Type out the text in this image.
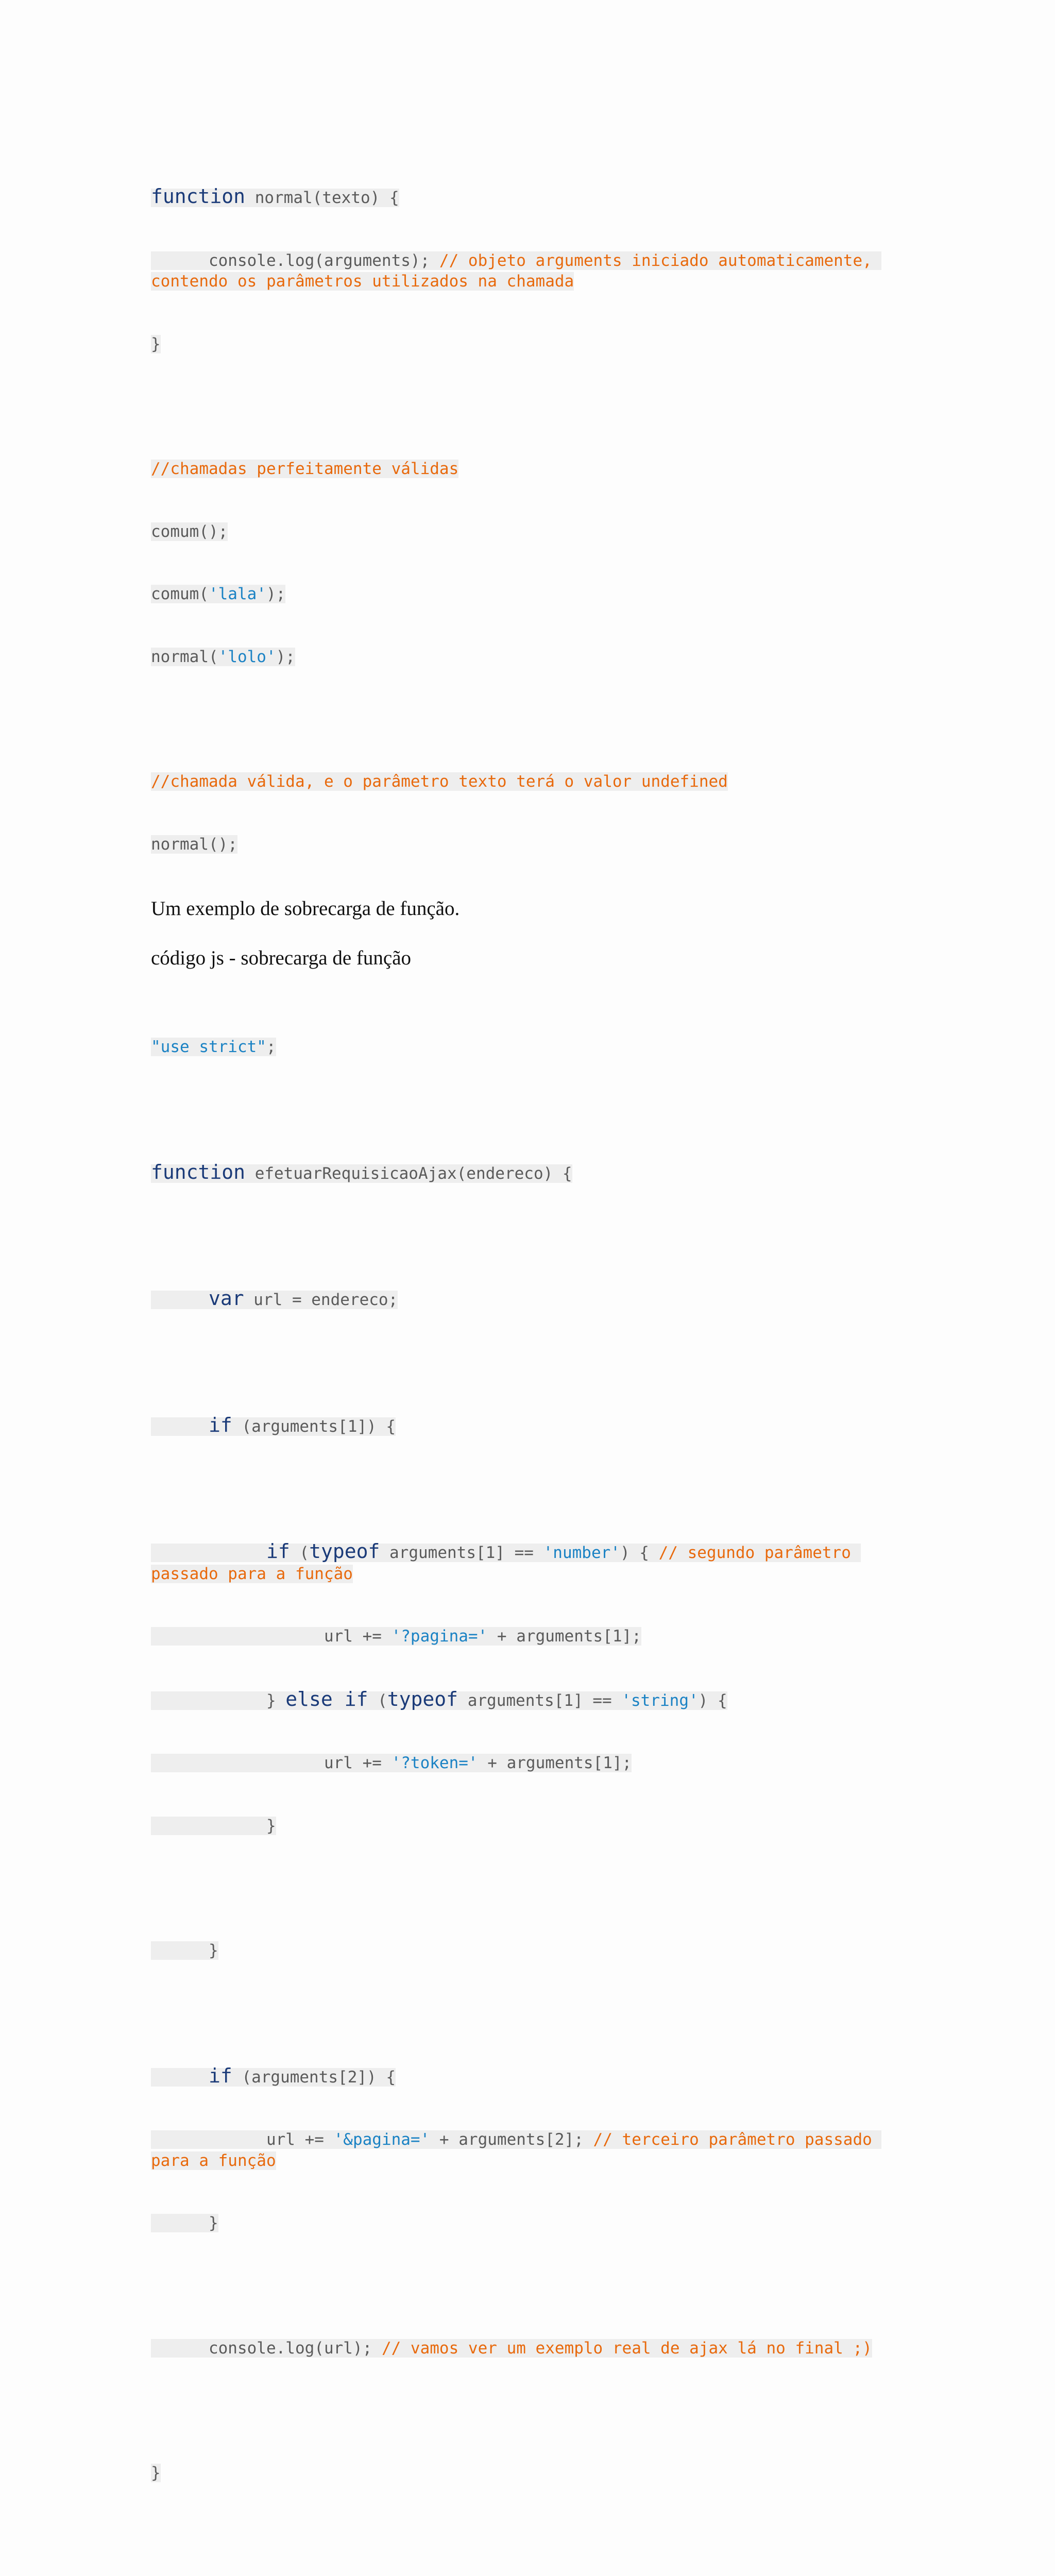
function normal(texto) {

console.log(arguments); // objeto arguments iniciado automaticamente, contendo os parâmetros utilizados na chamada

}

//chamadas perfeitamente válidas

comum();

comum('lala');

normal('lolo');

//chamada válida, e o parâmetro texto terá o valor undefined

normal();

Um exemplo de sobrecarga de função.
código js - sobrecarga de função

"use strict";

function efetuarRequisicaoAjax(endereco) {

var url = endereco;

if (arguments[1]) {

if (typeof arguments[1] == 'number') { // segundo parâmetro passado para a função

url += '?pagina=' + arguments[1];

} else if (typeof arguments[1] == 'string') {

url += '?token=' + arguments[1];

}

}

if (arguments[2]) {

url += '&pagina=' + arguments[2]; // terceiro parâmetro passado para a função

}

console.log(url); // vamos ver um exemplo real de ajax lá no final ;)

}
